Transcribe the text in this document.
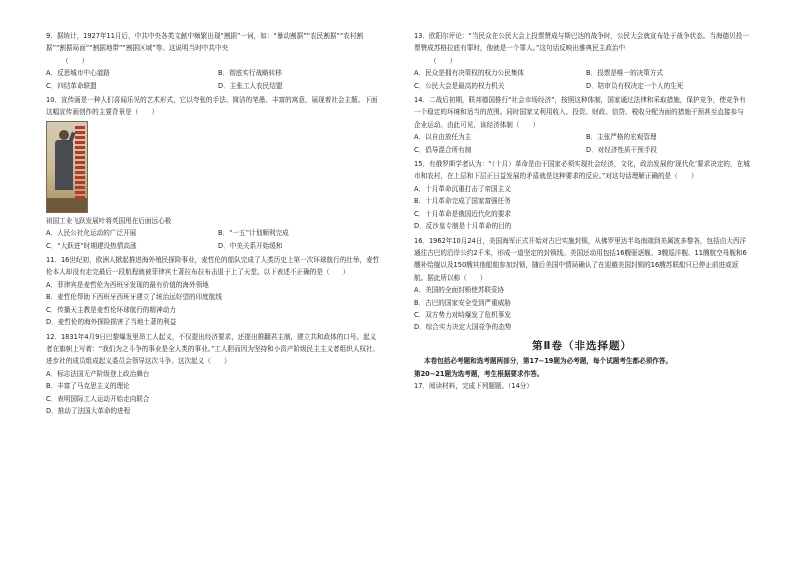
9．据统计，1927年11月后，中共中央各类文献中频繁出现“割据”一词，如：“暴动割据”“农民割据”“农村割据”“割据局面”“割据地带”“割据区域”等。这说明当时中共中央

（　　）

A．反思城市中心道路	B．彻底实行战略转移
C．四结革命联盟	D．主张工人农民结盟

10．宣传画是一种人们喜闻乐见的艺术形式，它以夸张的手法、简洁的笔墨、丰富的寓意，展现着社会主题。下面这幅宣传画创作的主要背景是（　　）

祖国工业飞跃发展叶将英国甩在后面远心极

A．人民公社化运动的广泛开展	B．“一五”计划顺利完成
C．“大跃进”时期建设热情高涨	D．中美关系开始缓和

11．16世纪初，欧洲人掀起推进海外殖民探险事业，麦哲伦的船队完成了人类历史上第一次环球航行的壮举，麦哲伦本人却没有走完最后一段航程就被菲律宾土著拉布拉布击退于上了天堂。以下表述不正确的是（　　）

A．菲律宾是麦哲伦为西班牙发现的最有价值的海外领地

B．麦哲伦帮助下西班牙西班牙建立了统治远好望的印度航线

C．传播天主教是麦哲伦环球航行的精神动力

D．麦哲伦的海外探险损害了当地土著的利益

12．1831年4月9日巴黎爆发里昂工人起义，不仅提出经济要求，还提出推翻君主制，建立共和政体的口号。起义者在旗帜上写着：“我们为之斗争的事业是全人类的事业。”工人胆而因为坚持和小资产阶级民主主义者组织人权社、进步社的成员组成起义委员会领导这次斗争。这次起义（　　）

A．标志法国无产阶级登上政治舞台

B．丰富了马克思主义的理论

C．表明国际工人运动开始走向联合

D．推动了法国大革命的进程

13．欧阳尔评论：“当民众在公民大会上投票赞成与斯巴达的战争时，公民大会就宣布处于战争状态。当海德贝投一票赞成苏格拉底有罪时，他就是一个罪人。”这句话反映出雅典民主政治中

（　　）

A．民众是拥有决策权的权力公民集体	B．投票是唯一的决策方式
C．公民大会是最高的权力机关	D．陪审员有权决定一个人的生死

14．二战后初期，联邦德国推行“社会市场经济”，按照这种体制，国家通过法律和采取措施，保护竞争，使竞争有一个稳定的环境和适当的范围。同时国家又利用收入、投资、财政、信贷、税收分配为面的措施干预甚至直接参与企业运动。由此可见，该经济体制（　　）

A．以自由放任为主	B．主张严格的宏观管理
C．倡导混合所有制	D．对经济性质干预手段

15．有俄罗斯学者认为：“（十月）革命是由于国家必须实现社会经济，文化，政治发展的‘现代化’要求决定的，在城市和农村，在上层和下层正日益发展的矛盾就是这种要求的反应。”对这句话理解正确的是（　　）

A．十月革命沉重打击了帝国主义

B．十月革命完成了国家富强任务

C．十月革命是俄国近代化的要求

D．反沙皇专制是十月革命的目的

16．1962年10月24日，美国海军正式开始对古巴实施封锁，从佛罗里达半岛南端到美属波多黎各，包括由大西洋通往古巴的沿岸公约2千米，形成一道坚定的封锁线。美国还动用包括16艘驱逐舰、3艘巡洋舰、11艘航空母舰和6艘补给舰以及150艘其他船舶参加封锁，随后美国中情局确认了在迎越美国封锁的16艘苏联船只已停止前进或返航。据此所以称（　　）

A．美国的全面封锁使苏联妥协

B．古巴的国家安全受到严重威胁

C．双方势力对峙爆发了危机事发

D．综合实力决定大国竞争的态势

第Ⅱ卷（非选择题）

本卷包括必考题和选考题两部分，第17~19题为必考题，每个试题考生都必须作答。

第20~21题为选考题，考生根据要求作答。

17．阅读材料，完成下列题题。（14分）
